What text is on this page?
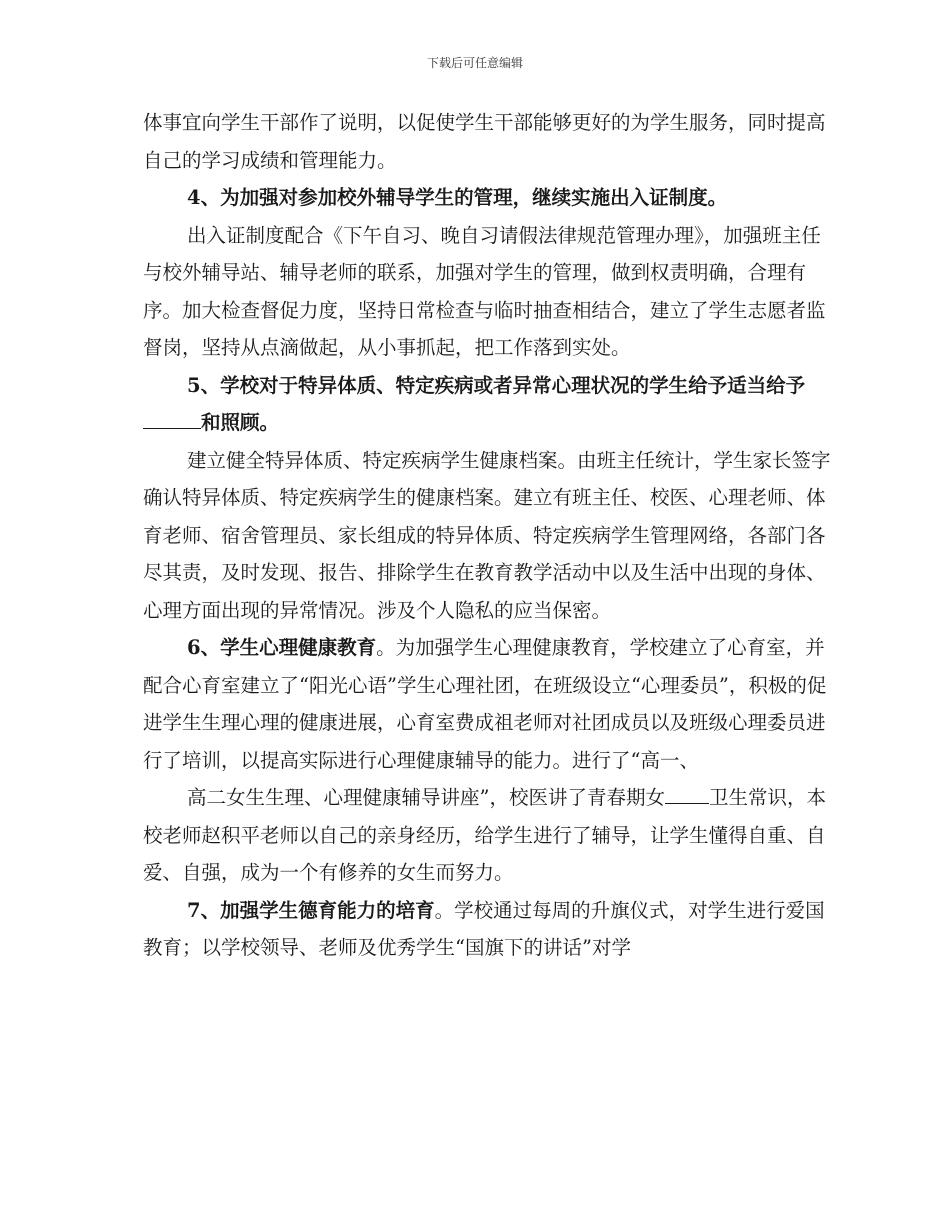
下载后可任意编辑

体事宜向学生干部作了说明，以促使学生干部能够更好的为学生服务，同时提高自己的学习成绩和管理能力。

4、为加强对参加校外辅导学生的管理，继续实施出入证制度。

出入证制度配合《下午自习、晚自习请假法律规范管理办理》，加强班主任与校外辅导站、辅导老师的联系，加强对学生的管理，做到权责明确，合理有序。加大检查督促力度，坚持日常检查与临时抽查相结合，建立了学生志愿者监督岗，坚持从点滴做起，从小事抓起，把工作落到实处。

5、学校对于特异体质、特定疾病或者异常心理状况的学生给予适当给予和照顾。

建立健全特异体质、特定疾病学生健康档案。由班主任统计，学生家长签字确认特异体质、特定疾病学生的健康档案。建立有班主任、校医、心理老师、体育老师、宿舍管理员、家长组成的特异体质、特定疾病学生管理网络，各部门各尽其责，及时发现、报告、排除学生在教育教学活动中以及生活中出现的身体、心理方面出现的异常情况。涉及个人隐私的应当保密。

6、学生心理健康教育。为加强学生心理健康教育，学校建立了心育室，并配合心育室建立了“阳光心语”学生心理社团，在班级设立“心理委员”，积极的促进学生生理心理的健康进展，心育室费成祖老师对社团成员以及班级心理委员进行了培训，以提高实际进行心理健康辅导的能力。进行了“高一、

高二女生生理、心理健康辅导讲座”，校医讲了青春期女 卫生常识，本校老师赵积平老师以自己的亲身经历，给学生进行了辅导，让学生懂得自重、自爱、自强，成为一个有修养的女生而努力。

7、加强学生德育能力的培育。学校通过每周的升旗仪式，对学生进行爱国教育；以学校领导、老师及优秀学生“国旗下的讲话”对学
